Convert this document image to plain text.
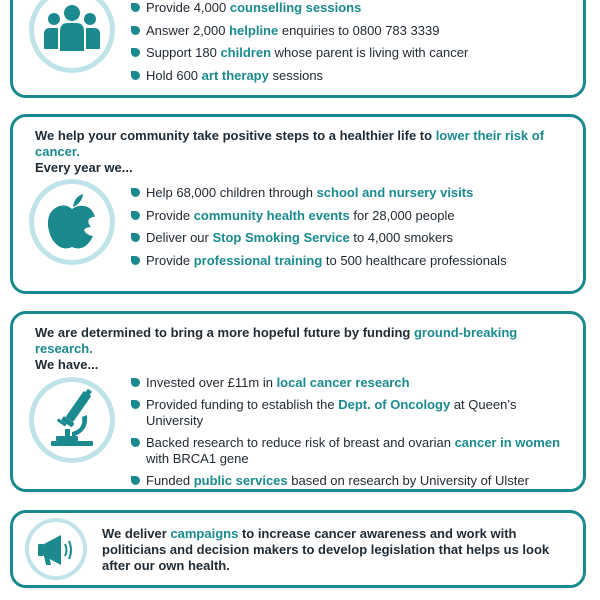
Provide 4,000 counselling sessions
Answer 2,000 helpline enquiries to 0800 783 3339
Support 180 children whose parent is living with cancer
Hold 600 art therapy sessions
We help your community take positive steps to a healthier life to lower their risk of cancer.
Every year we...
Help 68,000 children through school and nursery visits
Provide community health events for 28,000 people
Deliver our Stop Smoking Service to 4,000 smokers
Provide professional training to 500 healthcare professionals
We are determined to bring a more hopeful future by funding ground-breaking research.
We have...
Invested over £11m in local cancer research
Provided funding to establish the Dept. of Oncology at Queen’s University
Backed research to reduce risk of breast and ovarian cancer in women with BRCA1 gene
Funded public services based on research by University of Ulster
We deliver campaigns to increase cancer awareness and work with politicians and decision makers to develop legislation that helps us look after our own health.
